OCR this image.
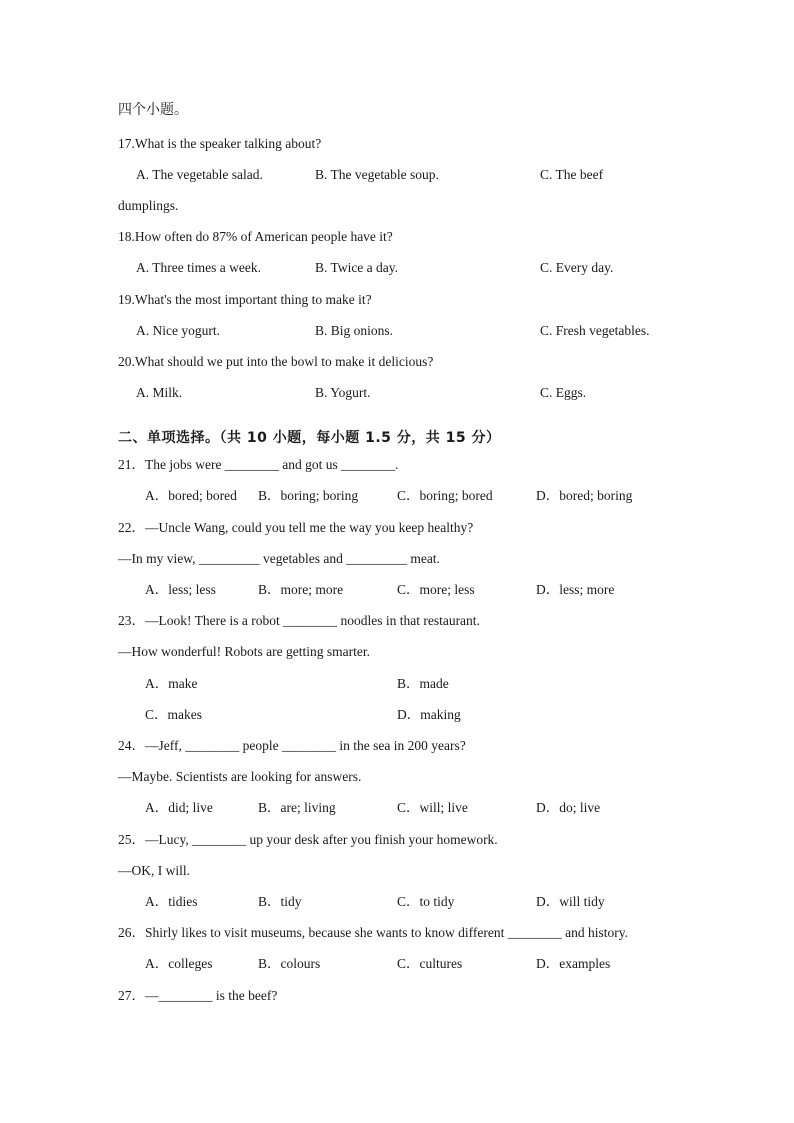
四个小题。
17.What is the speaker talking about?
A. The vegetable salad.	B. The vegetable soup.	C. The beef
dumplings.
18.How often do 87% of American people have it?
A. Three times a week.	B. Twice a day.	C. Every day.
19.What's the most important thing to make it?
A. Nice yogurt.	B. Big onions.	C. Fresh vegetables.
20.What should we put into the bowl to make it delicious?
A. Milk.	B. Yogurt.	C. Eggs.
二、单项选择。（共 10 小题，每小题 1.5 分，共 15 分）
21．The jobs were ________ and got us ________.
A．bored; bored B．boring; boring	C．boring; bored	D．bored; boring
22．—Uncle Wang, could you tell me the way you keep healthy?
—In my view, _________ vegetables and _________ meat.
A．less; less	B．more; more	C．more; less	D．less; more
23．—Look! There is a robot ________ noodles in that restaurant.
—How wonderful! Robots are getting smarter.
A．make	B．made
C．makes	D．making
24．—Jeff, ________ people ________ in the sea in 200 years?
—Maybe. Scientists are looking for answers.
A．did; live	B．are; living	C．will; live	D．do; live
25．—Lucy, ________ up your desk after you finish your homework.
—OK, I will.
A．tidies	B．tidy	C．to tidy	D．will tidy
26．Shirly likes to visit museums, because she wants to know different ________ and history.
A．colleges	B．colours	C．cultures	D．examples
27．—________ is the beef?
